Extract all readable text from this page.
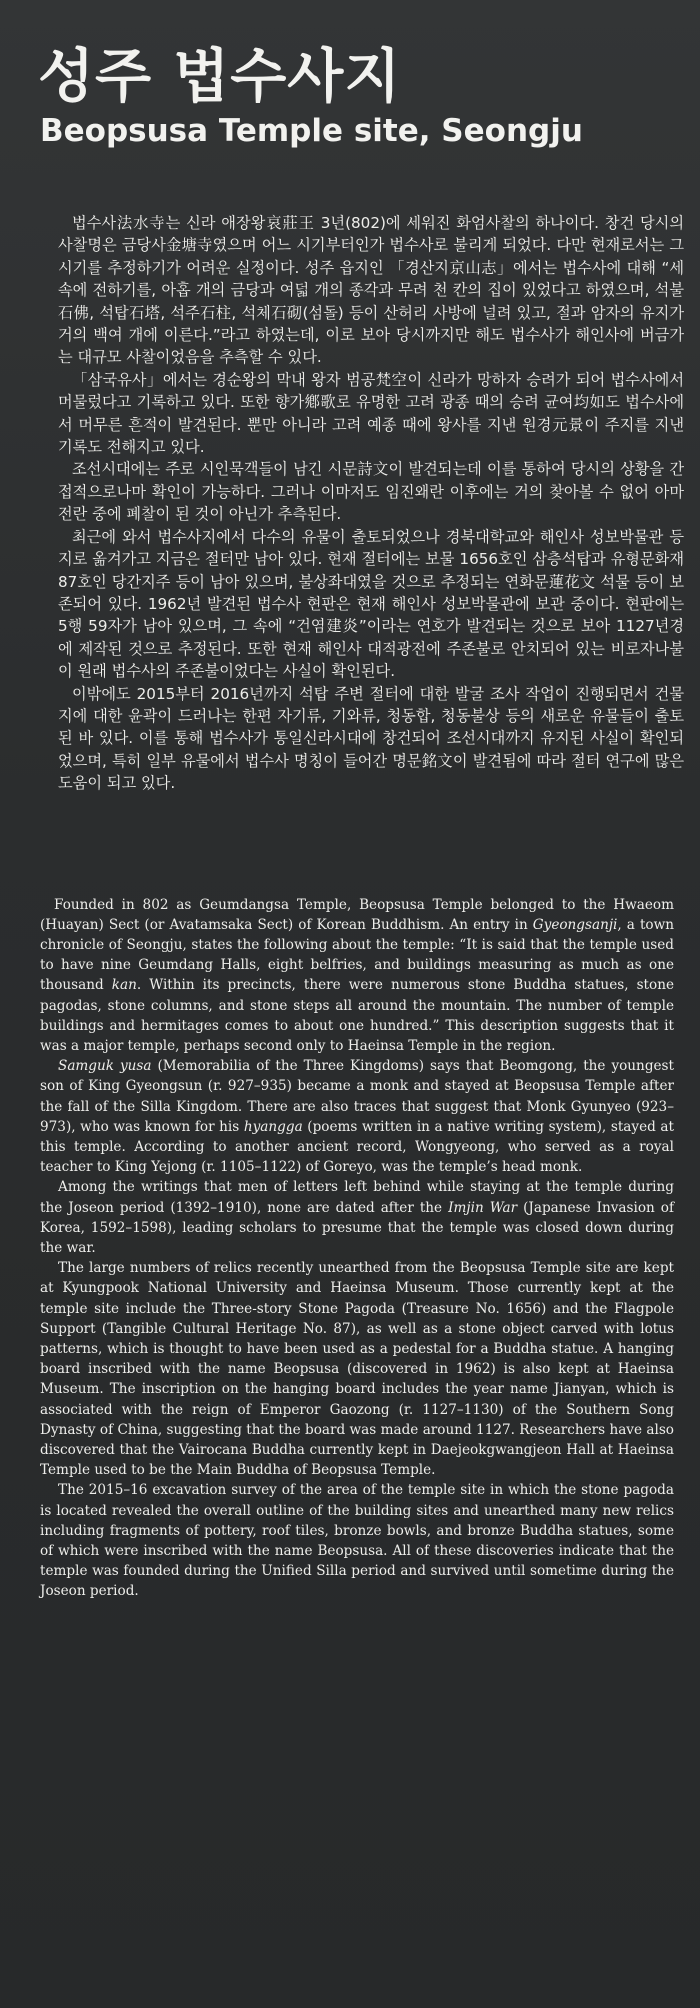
성주 법수사지
Beopsusa Temple site, Seongju

법수사法水寺는 신라 애장왕哀莊王 3년(802)에 세워진 화엄사찰의 하나이다. 창건 당시의 사찰명은 금당사金塘寺였으며 어느 시기부터인가 법수사로 불리게 되었다. 다만 현재로서는 그 시기를 추정하기가 어려운 실정이다. 성주 읍지인 「경산지京山志」에서는 법수사에 대해 “세속에 전하기를, 아홉 개의 금당과 여덟 개의 종각과 무려 천 칸의 집이 있었다고 하였으며, 석불石佛, 석탑石塔, 석주石柱, 석체石砌(섬돌) 등이 산허리 사방에 널려 있고, 절과 암자의 유지가 거의 백여 개에 이른다.”라고 하였는데, 이로 보아 당시까지만 해도 법수사가 해인사에 버금가는 대규모 사찰이었음을 추측할 수 있다.

「삼국유사」에서는 경순왕의 막내 왕자 범공梵空이 신라가 망하자 승려가 되어 법수사에서 머물렀다고 기록하고 있다. 또한 향가鄕歌로 유명한 고려 광종 때의 승려 균여均如도 법수사에서 머무른 흔적이 발견된다. 뿐만 아니라 고려 예종 때에 왕사를 지낸 원경元景이 주지를 지낸 기록도 전해지고 있다.

조선시대에는 주로 시인묵객들이 남긴 시문詩文이 발견되는데 이를 통하여 당시의 상황을 간접적으로나마 확인이 가능하다. 그러나 이마저도 임진왜란 이후에는 거의 찾아볼 수 없어 아마 전란 중에 폐찰이 된 것이 아닌가 추측된다.

최근에 와서 법수사지에서 다수의 유물이 출토되었으나 경북대학교와 해인사 성보박물관 등지로 옮겨가고 지금은 절터만 남아 있다. 현재 절터에는 보물 1656호인 삼층석탑과 유형문화재 87호인 당간지주 등이 남아 있으며, 불상좌대였을 것으로 추정되는 연화문蓮花文 석물 등이 보존되어 있다. 1962년 발견된 법수사 현판은 현재 해인사 성보박물관에 보관 중이다. 현판에는 5행 59자가 남아 있으며, 그 속에 “건염建炎”이라는 연호가 발견되는 것으로 보아 1127년경에 제작된 것으로 추정된다. 또한 현재 해인사 대적광전에 주존불로 안치되어 있는 비로자나불이 원래 법수사의 주존불이었다는 사실이 확인된다.

이밖에도 2015부터 2016년까지 석탑 주변 절터에 대한 발굴 조사 작업이 진행되면서 건물지에 대한 윤곽이 드러나는 한편 자기류, 기와류, 청동합, 청동불상 등의 새로운 유물들이 출토된 바 있다. 이를 통해 법수사가 통일신라시대에 창건되어 조선시대까지 유지된 사실이 확인되었으며, 특히 일부 유물에서 법수사 명칭이 들어간 명문銘文이 발견됨에 따라 절터 연구에 많은 도움이 되고 있다.

Founded in 802 as Geumdangsa Temple, Beopsusa Temple belonged to the Hwaeom (Huayan) Sect (or Avatamsaka Sect) of Korean Buddhism. An entry in Gyeongsanji, a town chronicle of Seongju, states the following about the temple: “It is said that the temple used to have nine Geumdang Halls, eight belfries, and buildings measuring as much as one thousand kan. Within its precincts, there were numerous stone Buddha statues, stone pagodas, stone columns, and stone steps all around the mountain. The number of temple buildings and hermitages comes to about one hundred.” This description suggests that it was a major temple, perhaps second only to Haeinsa Temple in the region.

Samguk yusa (Memorabilia of the Three Kingdoms) says that Beomgong, the youngest son of King Gyeongsun (r. 927–935) became a monk and stayed at Beopsusa Temple after the fall of the Silla Kingdom. There are also traces that suggest that Monk Gyunyeo (923–973), who was known for his hyangga (poems written in a native writing system), stayed at this temple. According to another ancient record, Wongyeong, who served as a royal teacher to King Yejong (r. 1105–1122) of Goreyo, was the temple’s head monk.

Among the writings that men of letters left behind while staying at the temple during the Joseon period (1392–1910), none are dated after the Imjin War (Japanese Invasion of Korea, 1592–1598), leading scholars to presume that the temple was closed down during the war.

The large numbers of relics recently unearthed from the Beopsusa Temple site are kept at Kyungpook National University and Haeinsa Museum. Those currently kept at the temple site include the Three-story Stone Pagoda (Treasure No. 1656) and the Flagpole Support (Tangible Cultural Heritage No. 87), as well as a stone object carved with lotus patterns, which is thought to have been used as a pedestal for a Buddha statue. A hanging board inscribed with the name Beopsusa (discovered in 1962) is also kept at Haeinsa Museum. The inscription on the hanging board includes the year name Jianyan, which is associated with the reign of Emperor Gaozong (r. 1127–1130) of the Southern Song Dynasty of China, suggesting that the board was made around 1127. Researchers have also discovered that the Vairocana Buddha currently kept in Daejeokgwangjeon Hall at Haeinsa Temple used to be the Main Buddha of Beopsusa Temple.

The 2015–16 excavation survey of the area of the temple site in which the stone pagoda is located revealed the overall outline of the building sites and unearthed many new relics including fragments of pottery, roof tiles, bronze bowls, and bronze Buddha statues, some of which were inscribed with the name Beopsusa. All of these discoveries indicate that the temple was founded during the Unified Silla period and survived until sometime during the Joseon period.
